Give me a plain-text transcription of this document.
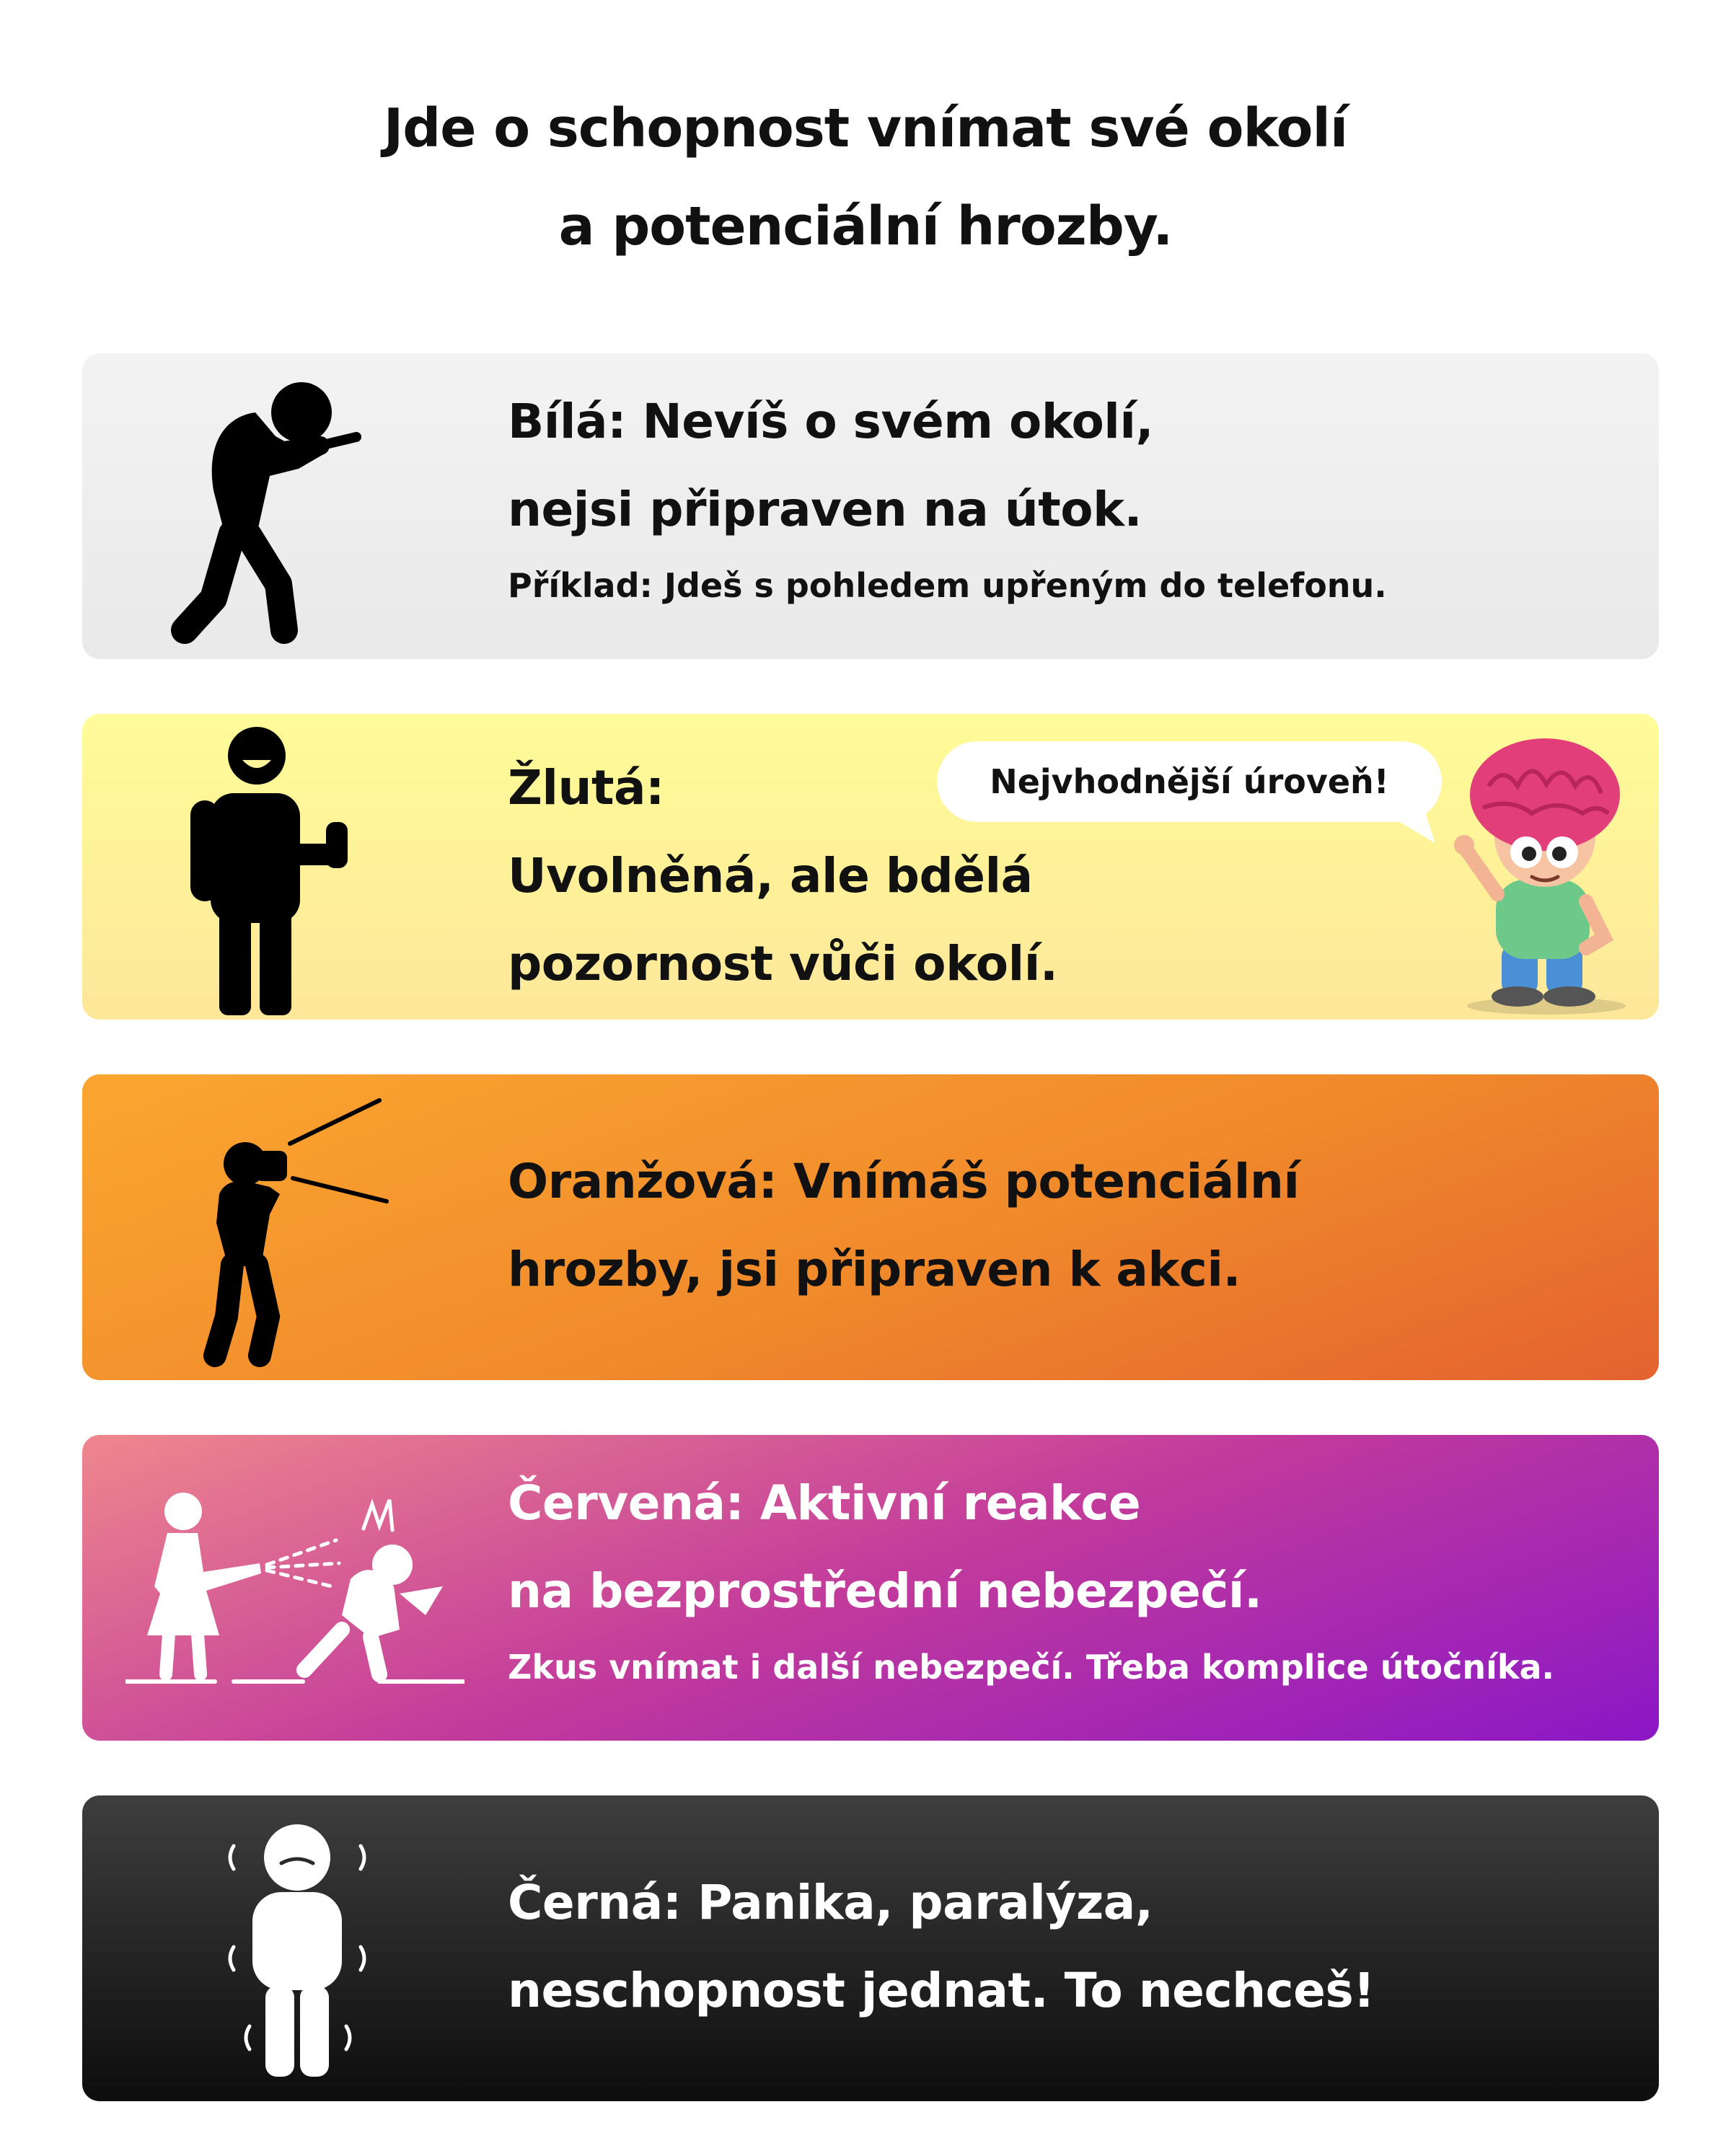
Jde o schopnost vnímat své okolí
a potenciální hrozby.
Bílá: Nevíš o svém okolí,
nejsi připraven na útok.
Příklad: Jdeš s pohledem upřeným do telefonu.
Žlutá:
Uvolněná, ale bdělá
pozornost vůči okolí.
Nejvhodnější úroveň!
Oranžová: Vnímáš potenciální
hrozby, jsi připraven k akci.
Červená: Aktivní reakce
na bezprostřední nebezpečí.
Zkus vnímat i další nebezpečí. Třeba komplice útočníka.
Černá: Panika, paralýza,
neschopnost jednat. To nechceš!
